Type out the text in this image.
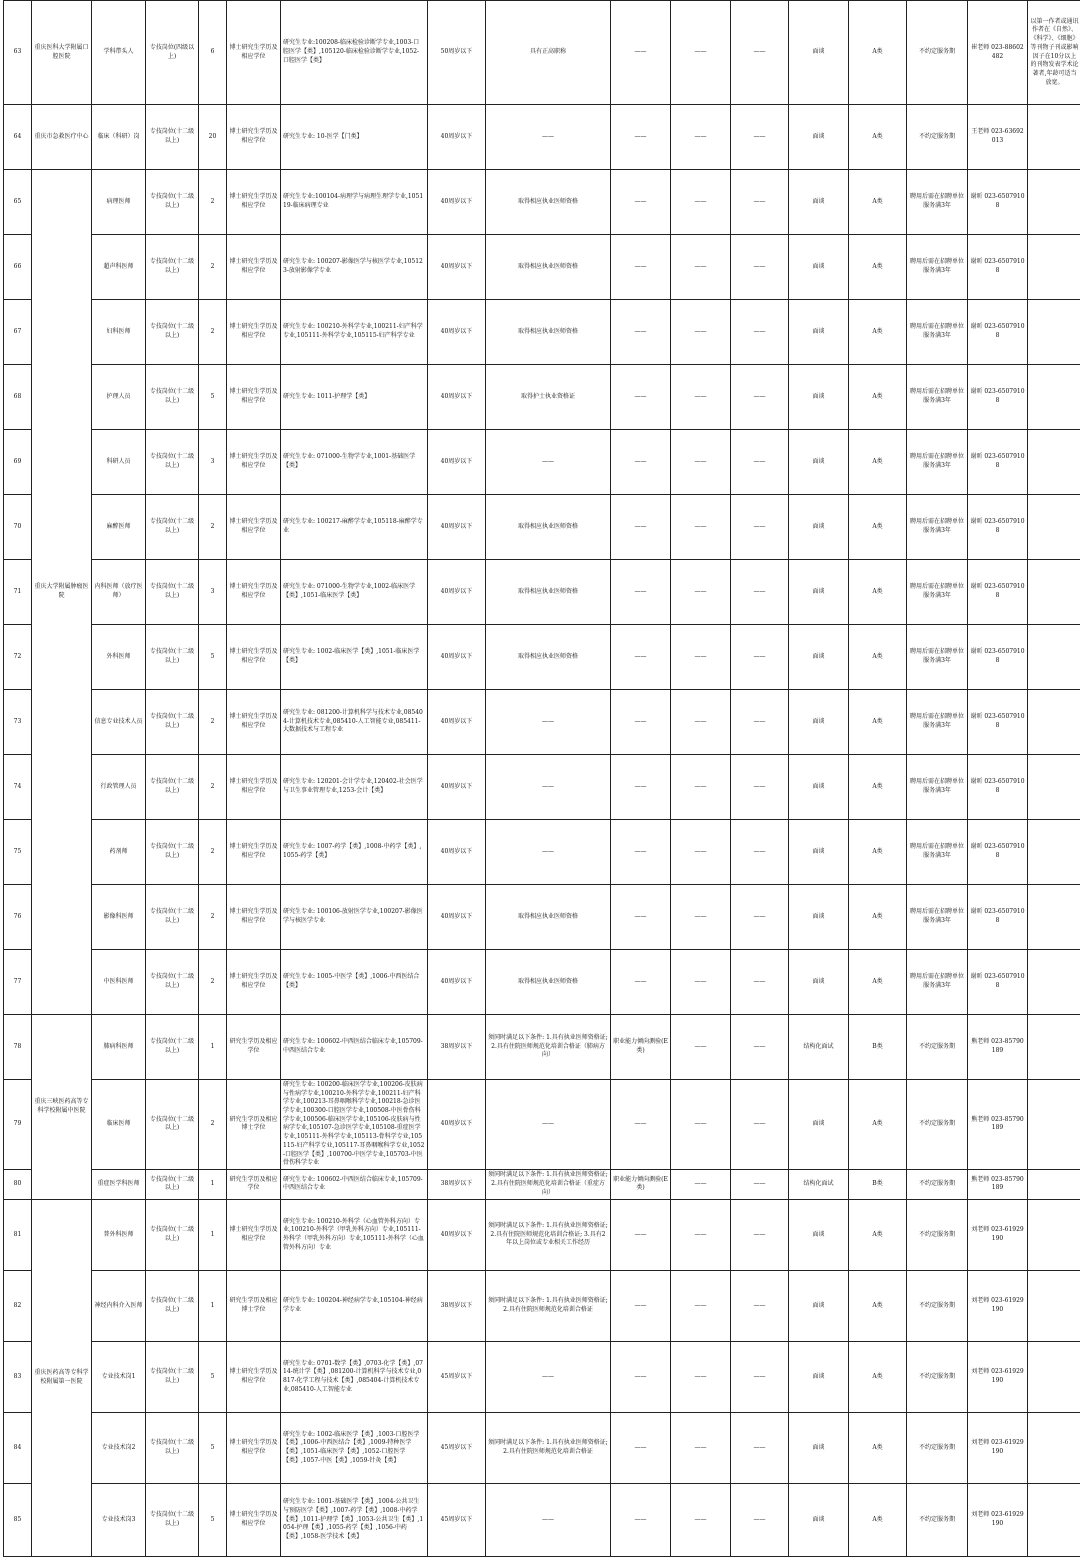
63	重庆医科大学附属口腔医院	学科带头人	专技岗位(四级以上)	6	博士研究生学历及相应学位	研究生专业:100208-临床检验诊断学专业,1003-口腔医学【类】,105120-临床检验诊断学专业,1052-口腔医学【类】	50周岁以下	具有正高职称	——	——	——	面谈	A类	不约定服务期	崔老师 023-88602482	以第一作者或通讯作者在《自然》、《科学》、《细胞》等刊物子刊或影响因子在10分以上的刊物发表学术论著者,年龄可适当放宽。
64	重庆市急救医疗中心	临床（科研）岗	专技岗位(十二级以上)	20	博士研究生学历及相应学位	研究生专业: 10-医学【门类】	40周岁以下	——	——	——	——	面谈	A类	不约定服务期	王老师 023-63692013	
65	重庆大学附属肿瘤医院	病理医师	专技岗位(十二级以上)	2	博士研究生学历及相应学位	研究生专业:100104-病理学与病理生理学专业,105119-临床病理专业	40周岁以下	取得相应执业医师资格	——	——	——	面谈	A类	聘用后需在招聘单位服务满3年	谢昕 023-65079108	
66		超声科医师	专技岗位(十二级以上)	2	博士研究生学历及相应学位	研究生专业: 100207-影像医学与核医学专业,105123-放射影像学专业	40周岁以下	取得相应执业医师资格	——	——	——	面谈	A类	聘用后需在招聘单位服务满3年	谢昕 023-65079108	
67		妇科医师	专技岗位(十二级以上)	2	博士研究生学历及相应学位	研究生专业: 100210-外科学专业,100211-妇产科学专业,105111-外科学专业,105115-妇产科学专业	40周岁以下	取得相应执业医师资格	——	——	——	面谈	A类	聘用后需在招聘单位服务满3年	谢昕 023-65079108	
68		护理人员	专技岗位(十二级以上)	5	博士研究生学历及相应学位	研究生专业: 1011-护理学【类】	40周岁以下	取得护士执业资格证	——	——	——	面谈	A类	聘用后需在招聘单位服务满3年	谢昕 023-65079108	
69		科研人员	专技岗位(十二级以上)	3	博士研究生学历及相应学位	研究生专业: 071000-生物学专业,1001-基础医学【类】	40周岁以下	——	——	——	——	面谈	A类	聘用后需在招聘单位服务满3年	谢昕 023-65079108	
70		麻醉医师	专技岗位(十二级以上)	2	博士研究生学历及相应学位	研究生专业: 100217-麻醉学专业,105118-麻醉学专业	40周岁以下	取得相应执业医师资格	——	——	——	面谈	A类	聘用后需在招聘单位服务满3年	谢昕 023-65079108	
71		内科医师（放疗医师）	专技岗位(十二级以上)	3	博士研究生学历及相应学位	研究生专业: 071000-生物学专业,1002-临床医学【类】,1051-临床医学【类】	40周岁以下	取得相应执业医师资格	——	——	——	面谈	A类	聘用后需在招聘单位服务满3年	谢昕 023-65079108	
72		外科医师	专技岗位(十二级以上)	5	博士研究生学历及相应学位	研究生专业: 1002-临床医学【类】,1051-临床医学【类】	40周岁以下	取得相应执业医师资格	——	——	——	面谈	A类	聘用后需在招聘单位服务满3年	谢昕 023-65079108	
73		信息专业技术人员	专技岗位(十二级以上)	2	博士研究生学历及相应学位	研究生专业: 081200-计算机科学与技术专业,085404-计算机技术专业,085410-人工智能专业,085411-大数据技术与工程专业	40周岁以下	——	——	——	——	面谈	A类	聘用后需在招聘单位服务满3年	谢昕 023-65079108	
74		行政管理人员	专技岗位(十二级以上)	2	博士研究生学历及相应学位	研究生专业: 120201-会计学专业,120402-社会医学与卫生事业管理专业,1253-会计【类】	40周岁以下	——	——	——	——	面谈	A类	聘用后需在招聘单位服务满3年	谢昕 023-65079108	
75		药剂师	专技岗位(十二级以上)	2	博士研究生学历及相应学位	研究生专业: 1007-药学【类】,1008-中药学【类】,1055-药学【类】	40周岁以下	——	——	——	——	面谈	A类	聘用后需在招聘单位服务满3年	谢昕 023-65079108	
76		影像科医师	专技岗位(十二级以上)	2	博士研究生学历及相应学位	研究生专业: 100106-放射医学专业,100207-影像医学与核医学专业	40周岁以下	取得相应执业医师资格	——	——	——	面谈	A类	聘用后需在招聘单位服务满3年	谢昕 023-65079108	
77		中医科医师	专技岗位(十二级以上)	2	博士研究生学历及相应学位	研究生专业: 1005-中医学【类】,1006-中西医结合【类】	40周岁以下	取得相应执业医师资格	——	——	——	面谈	A类	聘用后需在招聘单位服务满3年	谢昕 023-65079108	
78	重庆三峡医药高等专科学校附属中医院	肺病科医师	专技岗位(十二级以上)	1	研究生学历及相应学位	研究生专业: 100602-中西医结合临床专业,105709-中西医结合专业	38周岁以下	须同时满足以下条件: 1.具有执业医师资格证; 2.具有住院医师规范化培训合格证（肺病方向）	职业能力倾向测验(E类)	——	——	结构化面试	B类	不约定服务期	熊老师 023-85790189	
79		临床医师	专技岗位(十二级以上)	2	研究生学历及相应博士学位	研究生专业: 100200-临床医学专业,100206-皮肤病与性病学专业,100210-外科学专业,100211-妇产科学专业,100213-耳鼻咽喉科学专业,100218-急诊医学专业,100300-口腔医学专业,100508-中医骨伤科学专业,100506-临床医学专业,105106-皮肤病与性病学专业,105107-急诊医学专业,105108-重症医学专业,105111-外科学专业,105113-骨科学专业,105115-妇产科学专业,105117-耳鼻咽喉科学专业,1052-口腔医学【类】,100700-中医学专业,105703-中医骨伤科学专业	40周岁以下	——	——	——	——	面谈	A类	不约定服务期	熊老师 023-85790189	
80		重症医学科医师	专技岗位(十二级以上)	1	研究生学历及相应学位	研究生专业: 100602-中西医结合临床专业,105709-中西医结合专业	38周岁以下	须同时满足以下条件: 1.具有执业医师资格证; 2.具有住院医师规范化培训合格证（重症方向）	职业能力倾向测验(E类)	——	——	结构化面试	B类	不约定服务期	熊老师 023-85790189	
81	重庆医药高等专科学校附属第一医院	普外科医师	专技岗位(十二级以上)	1	博士研究生学历及相应学位	研究生专业: 100210-外科学（心血管外科方向）专业,100210-外科学（甲乳外科方向）专业,105111-外科学（甲乳外科方向）专业,105111-外科学（心血管外科方向）专业	40周岁以下	须同时满足以下条件: 1.具有执业医师资格证; 2.具有住院医师规范化培训合格证; 3.具有2年以上岗位或专业相关工作经历	——	——	——	面谈	A类	不约定服务期	刘老师 023-61929190	
82		神经内科介入医师	专技岗位(十二级以上)	1	研究生学历及相应博士学位	研究生专业: 100204-神经病学专业,105104-神经病学专业	38周岁以下	须同时满足以下条件: 1.具有执业医师资格证; 2.具有住院医师规范化培训合格证	——	——	——	面谈	A类	不约定服务期	刘老师 023-61929190	
83		专业技术岗1	专技岗位(十二级以上)	5	博士研究生学历及相应学位	研究生专业: 0701-数学【类】,0703-化学【类】,0714-统计学【类】,081200-计算机科学与技术专业,0817-化学工程与技术【类】,085404-计算机技术专业,085410-人工智能专业	45周岁以下	——	——	——	——	面谈	A类	不约定服务期	刘老师 023-61929190	
84		专业技术岗2	专技岗位(十二级以上)	5	博士研究生学历及相应学位	研究生专业: 1002-临床医学【类】,1003-口腔医学【类】,1006-中西医结合【类】,1009-特种医学【类】,1051-临床医学【类】,1052-口腔医学【类】,1057-中医【类】,1059-针灸【类】	45周岁以下	须同时满足以下条件: 1.具有执业医师资格证; 2.具有住院医师规范化培训合格证	——	——	——	面谈	A类	不约定服务期	刘老师 023-61929190	
85		专业技术岗3	专技岗位(十二级以上)	5	博士研究生学历及相应学位	研究生专业: 1001-基础医学【类】,1004-公共卫生与预防医学【类】,1007-药学【类】,1008-中药学【类】,1011-护理学【类】,1053-公共卫生【类】,1054-护理【类】,1055-药学【类】,1056-中药【类】,1058-医学技术【类】	45周岁以下	——	——	——	——	面谈	A类	不约定服务期	刘老师 023-61929190	
